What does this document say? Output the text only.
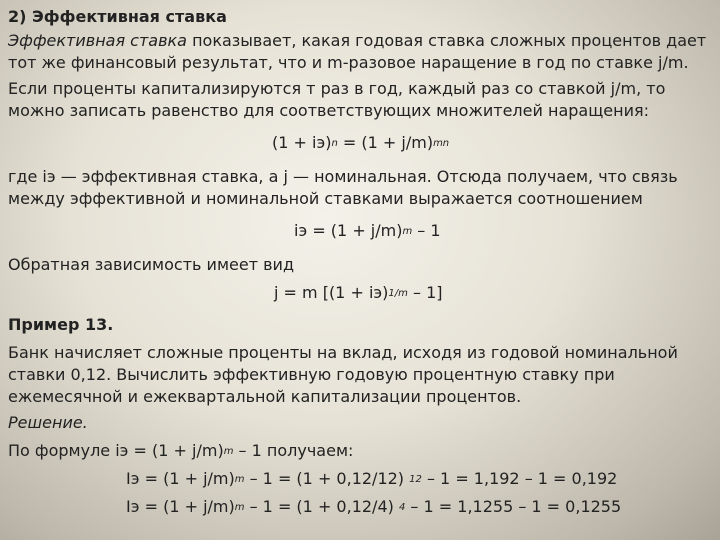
2) Эффективная ставка
Эффективная ставка показывает, какая годовая ставка сложных процентов дает
тот же финансовый результат, что и m-разовое наращение в год по ставке j/m.
Если проценты капитализируются т раз в год, каждый раз со ставкой j/m, то
можно записать равенство для соответствующих множителей наращения:
$(1 + iэ)^n = (1 + j/m)^{mn}$
где iэ — эффективная ставка, а j — номинальная. Отсюда получаем, что связь
между эффективной и номинальной ставками выражается соотношением
iэ = $(1 + j/m)^m - 1$
Обратная зависимость имеет вид
j = m [(1 + iэ)$^{1/m}$ – 1]
Пример 13.
Банк начисляет сложные проценты на вклад, исходя из годовой номинальной
ставки 0,12. Вычислить эффективную годовую процентную ставку при
ежемесячной и ежеквартальной капитализации процентов.
Решение.
По формуле iэ = $(1 + j/m)^m - 1$ получаем:
Iэ = $(1 + j/m)^m - 1 = (1 + 0,12/12)$ $^{12}$ – 1 = 1,192 – 1 = 0,192
Iэ = $(1 + j/m)^m - 1 = (1 + 0,12/4)$ $^4$ – 1 = 1,1255 – 1 = 0,1255
